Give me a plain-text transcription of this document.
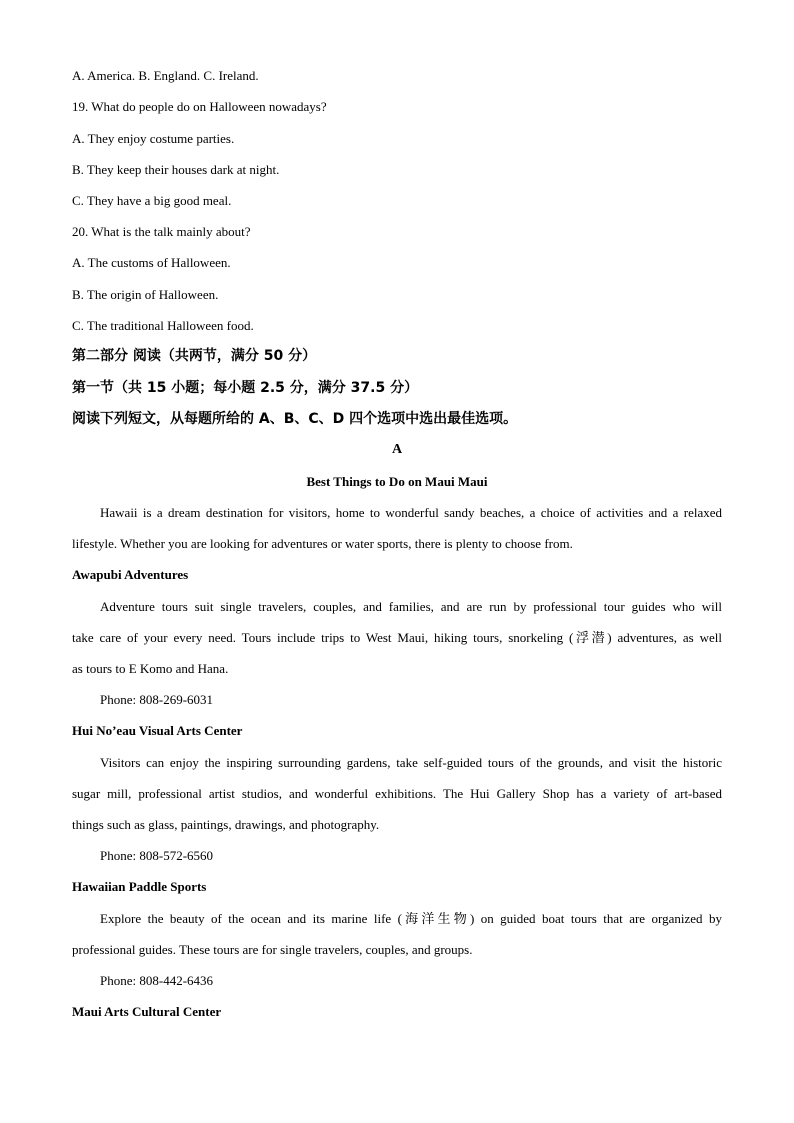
A. America. B. England. C. Ireland.
19. What do people do on Halloween nowadays?
A. They enjoy costume parties.
B. They keep their houses dark at night.
C. They have a big good meal.
20. What is the talk mainly about?
A. The customs of Halloween.
B. The origin of Halloween.
C. The traditional Halloween food.
第二部分 阅读（共两节，满分 50 分）
第一节（共 15 小题；每小题 2.5 分，满分 37.5 分）
阅读下列短文，从每题所给的 A、B、C、D 四个选项中选出最佳选项。
A
Best Things to Do on Maui Maui
Hawaii is a dream destination for visitors, home to wonderful sandy beaches, a choice of activities and a relaxed
lifestyle. Whether you are looking for adventures or water sports, there is plenty to choose from.
Awapubi Adventures
Adventure tours suit single travelers, couples, and families, and are run by professional tour guides who will
take care of your every need. Tours include trips to West Maui, hiking tours, snorkeling (浮潜) adventures, as well
as tours to E Komo and Hana.
Phone: 808-269-6031
Hui No’eau Visual Arts Center
Visitors can enjoy the inspiring surrounding gardens, take self-guided tours of the grounds, and visit the historic
sugar mill, professional artist studios, and wonderful exhibitions. The Hui Gallery Shop has a variety of art-based
things such as glass, paintings, drawings, and photography.
Phone: 808-572-6560
Hawaiian Paddle Sports
Explore the beauty of the ocean and its marine life (海洋生物) on guided boat tours that are organized by
professional guides. These tours are for single travelers, couples, and groups.
Phone: 808-442-6436
Maui Arts Cultural Center
